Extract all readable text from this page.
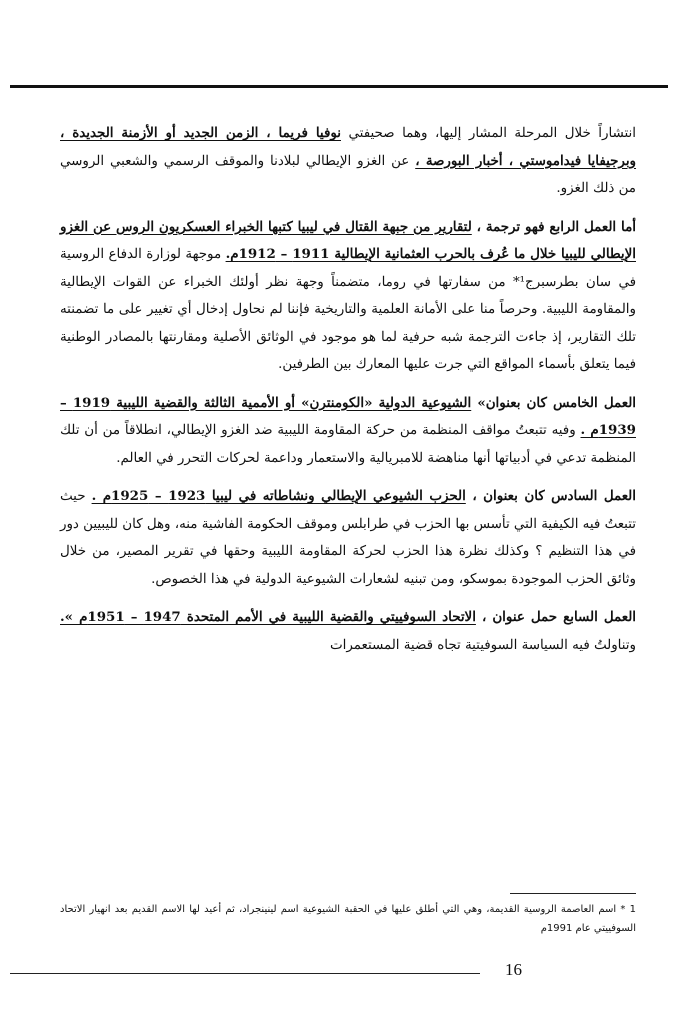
انتشاراً خلال المرحلة المشار إليها، وهما صحيفتي نوفيا فريما ، الزمن الجديد أو الأزمنة الجديدة ، وبرجيفايا فيداموستي ، أخبار البورصة ، عن الغزو الإيطالي لبلادنا والموقف الرسمي والشعبي الروسي من ذلك الغزو.

أما العمل الرابع فهو ترجمة ، لتقارير من جبهة القتال في ليبيا كتبها الخبراء العسكريون الروس عن الغزو الإيطالي لليبيا خلال ما عُرف بالحرب العثمانية الإيطالية 1911 – 1912م. موجهة لوزارة الدفاع الروسية في سان بطرسبرج¹* من سفارتها في روما، متضمناً وجهة نظر أولئك الخبراء عن القوات الإيطالية والمقاومة الليبية. وحرصاً منا على الأمانة العلمية والتاريخية فإننا لم نحاول إدخال أي تغيير على ما تضمنته تلك التقارير، إذ جاءت الترجمة شبه حرفية لما هو موجود في الوثائق الأصلية ومقارنتها بالمصادر الوطنية فيما يتعلق بأسماء المواقع التي جرت عليها المعارك بين الطرفين.

العمل الخامس كان بعنوان» الشيوعية الدولية «الكومنترن» أو الأممية الثالثة والقضية الليبية 1919 – 1939م . وفيه تتبعتُ مواقف المنظمة من حركة المقاومة الليبية ضد الغزو الإيطالي، انطلاقاً من أن تلك المنظمة تدعي في أدبياتها أنها مناهضة للامبريالية والاستعمار وداعمة لحركات التحرر في العالم.

العمل السادس كان بعنوان ، الحزب الشيوعي الإيطالي ونشاطاته في ليبيا 1923 – 1925م . حيث تتبعتُ فيه الكيفية التي تأسس بها الحزب في طرابلس وموقف الحكومة الفاشية منه، وهل كان لليبيين دور في هذا التنظيم ؟ وكذلك نظرة هذا الحزب لحركة المقاومة الليبية وحقها في تقرير المصير، من خلال وثائق الحزب الموجودة بموسكو، ومن تبنيه لشعارات الشيوعية الدولية في هذا الخصوص.

العمل السابع حمل عنوان ، الاتحاد السوفييتي والقضية الليبية في الأمم المتحدة 1947 – 1951م ». وتناولتُ فيه السياسة السوفيتية تجاه قضية المستعمرات

1 * اسم العاصمة الروسية القديمة، وهي التي أطلق عليها في الحقبة الشيوعية اسم لينينجراد، ثم أعيد لها الاسم القديم بعد انهيار الاتحاد السوفييتي عام 1991م
16
